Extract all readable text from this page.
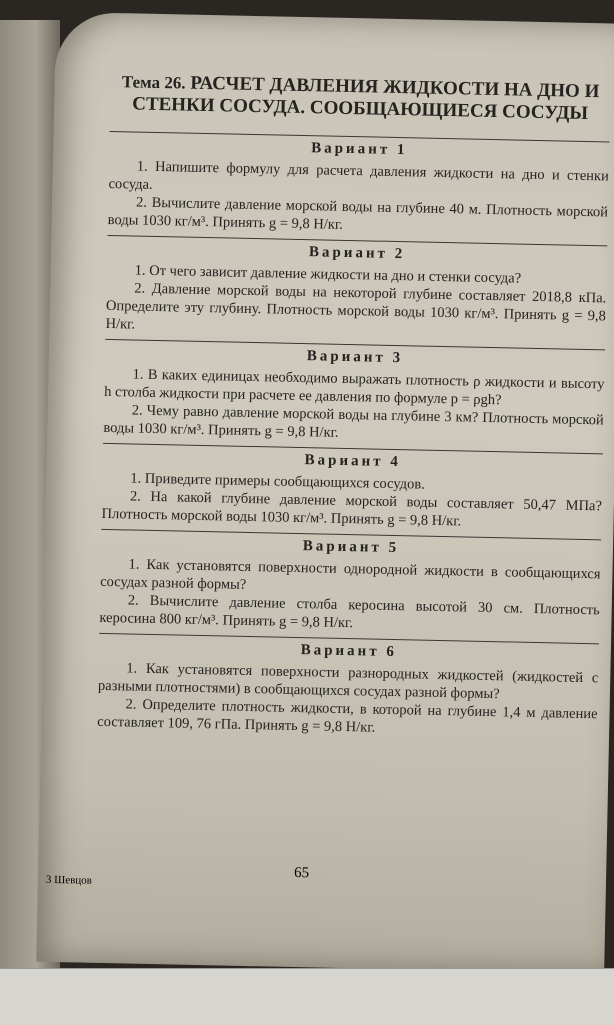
Тема 26. РАСЧЕТ ДАВЛЕНИЯ ЖИДКОСТИ НА ДНО И СТЕНКИ СОСУДА. СООБЩАЮЩИЕСЯ СОСУДЫ
Вариант 1

1. Напишите формулу для расчета давления жидкости на дно и стенки сосуда.

2. Вычислите давление морской воды на глубине 40 м. Плотность морской воды 1030 кг/м³. Принять g = 9,8 Н/кг.

Вариант 2

1. От чего зависит давление жидкости на дно и стенки сосуда?

2. Давление морской воды на некоторой глубине составляет 2018,8 кПа. Определите эту глубину. Плотность морской воды 1030 кг/м³. Принять g = 9,8 Н/кг.

Вариант 3

1. В каких единицах необходимо выражать плотность ρ жидкости и высоту h столба жидкости при расчете ее давления по формуле p = ρgh?

2. Чему равно давление морской воды на глубине 3 км? Плотность морской воды 1030 кг/м³. Принять g = 9,8 Н/кг.

Вариант 4

1. Приведите примеры сообщающихся сосудов.

2. На какой глубине давление морской воды составляет 50,47 МПа? Плотность морской воды 1030 кг/м³. Принять g = 9,8 Н/кг.

Вариант 5

1. Как установятся поверхности однородной жидкости в сообщающихся сосудах разной формы?

2. Вычислите давление столба керосина высотой 30 см. Плотность керосина 800 кг/м³. Принять g = 9,8 Н/кг.

Вариант 6

1. Как установятся поверхности разнородных жидкостей (жидкостей с разными плотностями) в сообщающихся сосудах разной формы?

2. Определите плотность жидкости, в которой на глубине 1,4 м давление составляет 109, 76 гПа. Принять g = 9,8 Н/кг.

3 Шевцов	65
